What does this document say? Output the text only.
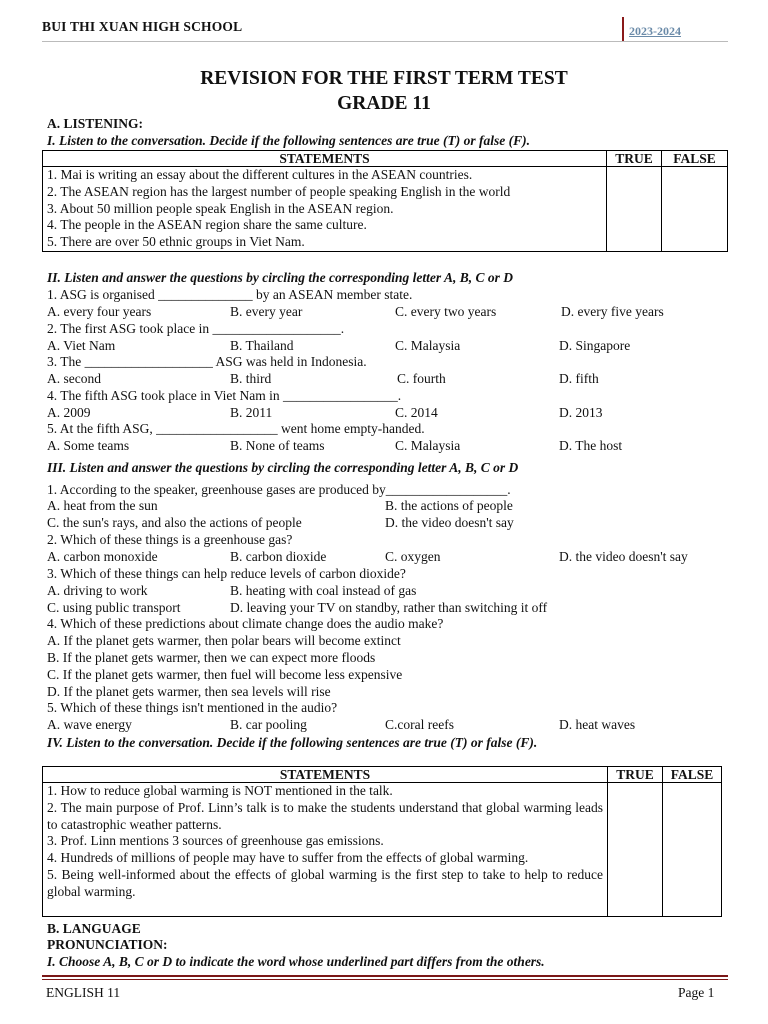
BUI THI XUAN HIGH SCHOOL	2023-2024
REVISION FOR THE FIRST TERM TEST
GRADE 11
A. LISTENING:
I. Listen to the conversation. Decide if the following sentences are true (T) or false (F).
STATEMENTS	TRUE	FALSE

1. Mai is writing an essay about the different cultures in the ASEAN countries.
2. The ASEAN region has the largest number of people speaking English in the world
3. About 50 million people speak English in the ASEAN region.
4. The people in the ASEAN region share the same culture.
5. There are over 50 ethnic groups in Viet Nam.		

II. Listen and answer the questions by circling the corresponding letter A, B, C or D
1. ASG is organised ______________ by an ASEAN member state.
A. every four years	B. every year	C. every two years	D. every five years
2. The first ASG took place in ___________________.
A. Viet Nam	B. Thailand	C. Malaysia	D. Singapore
3. The ___________________ ASG was held in Indonesia.
A. second	B. third	C. fourth	D. fifth
4. The fifth ASG took place in Viet Nam in _________________.
A. 2009	B. 2011	C. 2014	D. 2013
5. At the fifth ASG, __________________ went home empty-handed.
A. Some teams	B. None of teams	C. Malaysia	D. The host
III. Listen and answer the questions by circling the corresponding letter A, B, C or D
1. According to the speaker, greenhouse gases are produced by__________________.
A. heat from the sun	B. the actions of people
C. the sun's rays, and also the actions of people	D. the video doesn't say
2. Which of these things is a greenhouse gas?
A. carbon monoxide	B. carbon dioxide	C. oxygen	D. the video doesn't say
3. Which of these things can help reduce levels of carbon dioxide?
A. driving to work	B. heating with coal instead of gas
C. using public transport	D. leaving your TV on standby, rather than switching it off
4. Which of these predictions about climate change does the audio make?
A. If the planet gets warmer, then polar bears will become extinct
B. If the planet gets warmer, then we can expect more floods
C. If the planet gets warmer, then fuel will become less expensive
D. If the planet gets warmer, then sea levels will rise
5. Which of these things isn't mentioned in the audio?
A. wave energy	B. car pooling	C.coral reefs	D. heat waves
IV. Listen to the conversation. Decide if the following sentences are true (T) or false (F).
STATEMENTS	TRUE	FALSE

1. How to reduce global warming is NOT mentioned in the talk.
2. The main purpose of Prof. Linn’s talk is to make the students understand that global warming leads to catastrophic weather patterns.
3. Prof. Linn mentions 3 sources of greenhouse gas emissions.
4. Hundreds of millions of people may have to suffer from the effects of global warming.
5. Being well-informed about the effects of global warming is the first step to take to help to reduce global warming.		

B. LANGUAGE
PRONUNCIATION:
I. Choose A, B, C or D to indicate the word whose underlined part differs from the others.
ENGLISH 11	Page 1
